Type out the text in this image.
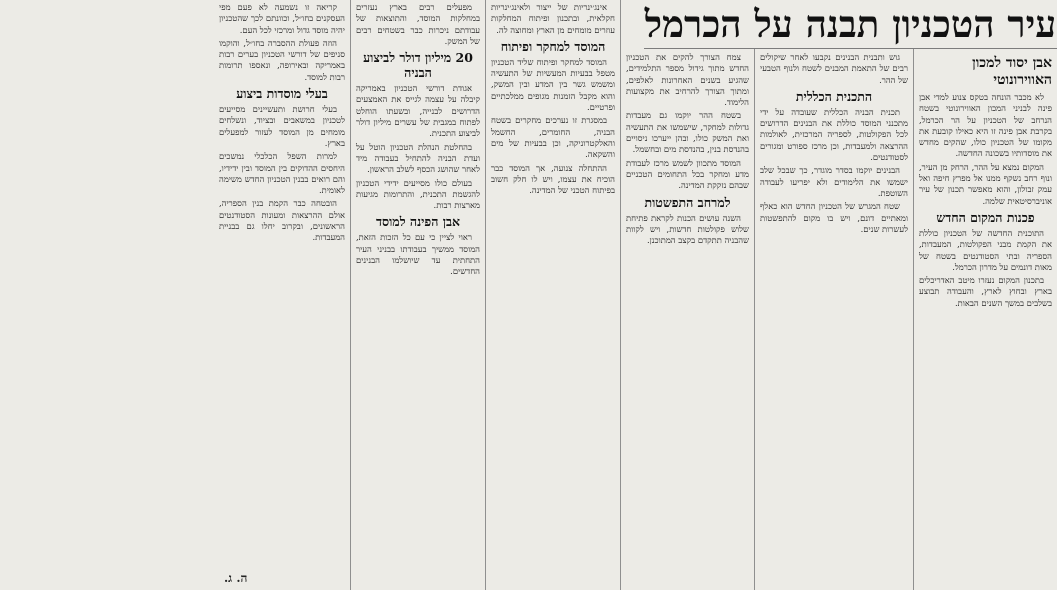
עיר הטכניון תבנה על הכרמל
אבן יסוד למכון האווירונוטי

לא מכבר הונחה בטקס צנוע למדי אבן פינה לבניני המכון האווירונוטי בשטח הנרחב של הטכניון על הר הכרמל, בקרבת אבן פינה זו היא כאילו קובעת את מקומו של הטכניון כולו, שהקים מחדש את מוסדותיו בשכונה החדשה.

המקום נמצא על ההר, הרחק מן העיר, ונוף רחב נשקף ממנו אל מפרץ חיפה ואל עמק זבולון, והוא מאפשר תכנון של עיר אוניברסיטאית שלמה.

פכנות המקום החדש

התוכנית החדשה של הטכניון כוללת את הקמת מבני הפקולטות, המעבדות, הספריה ובתי הסטודנטים בשטח של מאות דונמים על מדרון הכרמל.

בתכנון המקום נעזרו מיטב האדריכלים בארץ ובחוץ לארץ, והעבודה תבוצע בשלבים במשך השנים הבאות.

גוש ותבנית הבנינים נקבעו לאחר שיקולים רבים של התאמת המבנים לשטח ולנוף הטבעי של ההר.

התכנית הכללית

תכנית הבניה הכללית שעובדה על ידי מתכנני המוסד כוללת את הבנינים הדרושים לכל הפקולטות, לספריה המרכזית, לאולמות ההרצאה ולמעבדות, וכן מרכז ספורט ומגורים לסטודנטים.

הבנינים יוקמו בסדר מוגדר, כך שבכל שלב ישמשו את הלימודים ולא יפריעו לעבודה השוטפת.

שטח המגרש של הטכניון החדש הוא כאלף ומאתיים דונם, ויש בו מקום להתפשטות לעשרות שנים.

צמח הצורך להקים את הטכניון החדש מתוך גידול מספר התלמידים, שהגיע בשנים האחרונות לאלפים, ומתוך הצורך להרחיב את מקצועות הלימוד.

בשטח ההר יוקמו גם מעבדות גדולות למחקר, שישמשו את התעשיה ואת המשק כולו, ובהן ייערכו ניסויים בהנדסת בנין, בהנדסת מים ובחשמל.

המוסד מתכוון לשמש מרכז לעבודת מדע ומחקר בכל התחומים הטכניים שבהם נזקקת המדינה.

למרחב התפשטות

השנה עושים הכנות לקראת פתיחת שלוש פקולטות חדשות, ויש לקוות שהבניה תתקדם בקצב המתוכנן.

אינג׳ינריות של ייצור ולאינג׳ינריות חקלאית, ובתכנון ופיתוח המחלקות עוזרים מומחים מן הארץ ומחוצה לה.

המוסד למחקר ופיתוח

המוסד למחקר ופיתוח שליד הטכניון מטפל בבעיות המעשיות של התעשיה ומשמש גשר בין המדע ובין המשק, והוא מקבל הזמנות מגופים ממלכתיים ופרטיים.

במסגרת זו נערכים מחקרים בשטח הבניה, החומרים, החשמל והאלקטרוניקה, וכן בבעיות של מים והשקאה.

ההתחלה צנועה, אך המוסד כבר הוכיח את עצמו, ויש לו חלק חשוב בפיתוח הטכני של המדינה.

מפעלים רבים בארץ נעזרים במחלקות המוסד, והתוצאות של עבודתם ניכרות כבר בשטחים רבים של המשק.

20 מיליון דולר לביצוע הבניה

אגודת דורשי הטכניון באמריקה קיבלה על עצמה לגייס את האמצעים הדרושים לבנייה, ובשעתו הוחלט לפתוח במגבית של עשרים מיליון דולר לביצוע התכנית.

בהחלטת הנהלת הטכניון הוטל על ועדת הבניה להתחיל בעבודה מיד לאחר שהושג הכסף לשלב הראשון.

בעולם כולו מסייעים ידידי הטכניון להגשמת התכנית, והתרומות מגיעות מארצות רבות.

אבן הפינה למוסד

ראוי לציין כי עם כל הזכות הזאת, המוסד ממשיך בעבודתו בבניני העיר התחתית עד שיושלמו הבנינים החדשים.

קריאה זו נשמעה לא פעם מפי העסקנים בחו״ל, וכוונתם לכך שהטכניון יהיה מוסד גדול ומרכזי לכל העם.

הוזה פעולת ההסברה בחו״ל, והוקמו סניפים של דורשי הטכניון בערים רבות באמריקה ובאירופה, ונאספו תרומות רבות למוסד.

בעלי מוסדות ביצוע

בעלי חרושת ותעשיינים מסייעים לטכניון במשאבים ובציוד, ונשלחים מומחים מן המוסד לעזור למפעלים בארץ.

למרות השפל הכלכלי נמשכים היחסים ההדוקים בין המוסד ובין ידידיו, והם רואים בבנין הטכניון החדש משימה לאומית.

הובטחה כבר הקמת בנין הספריה, אולם ההרצאות ומעונות הסטודנטים הראשונים, ובקרוב יחלו גם בבניית המעבדות.

ה. ג.
